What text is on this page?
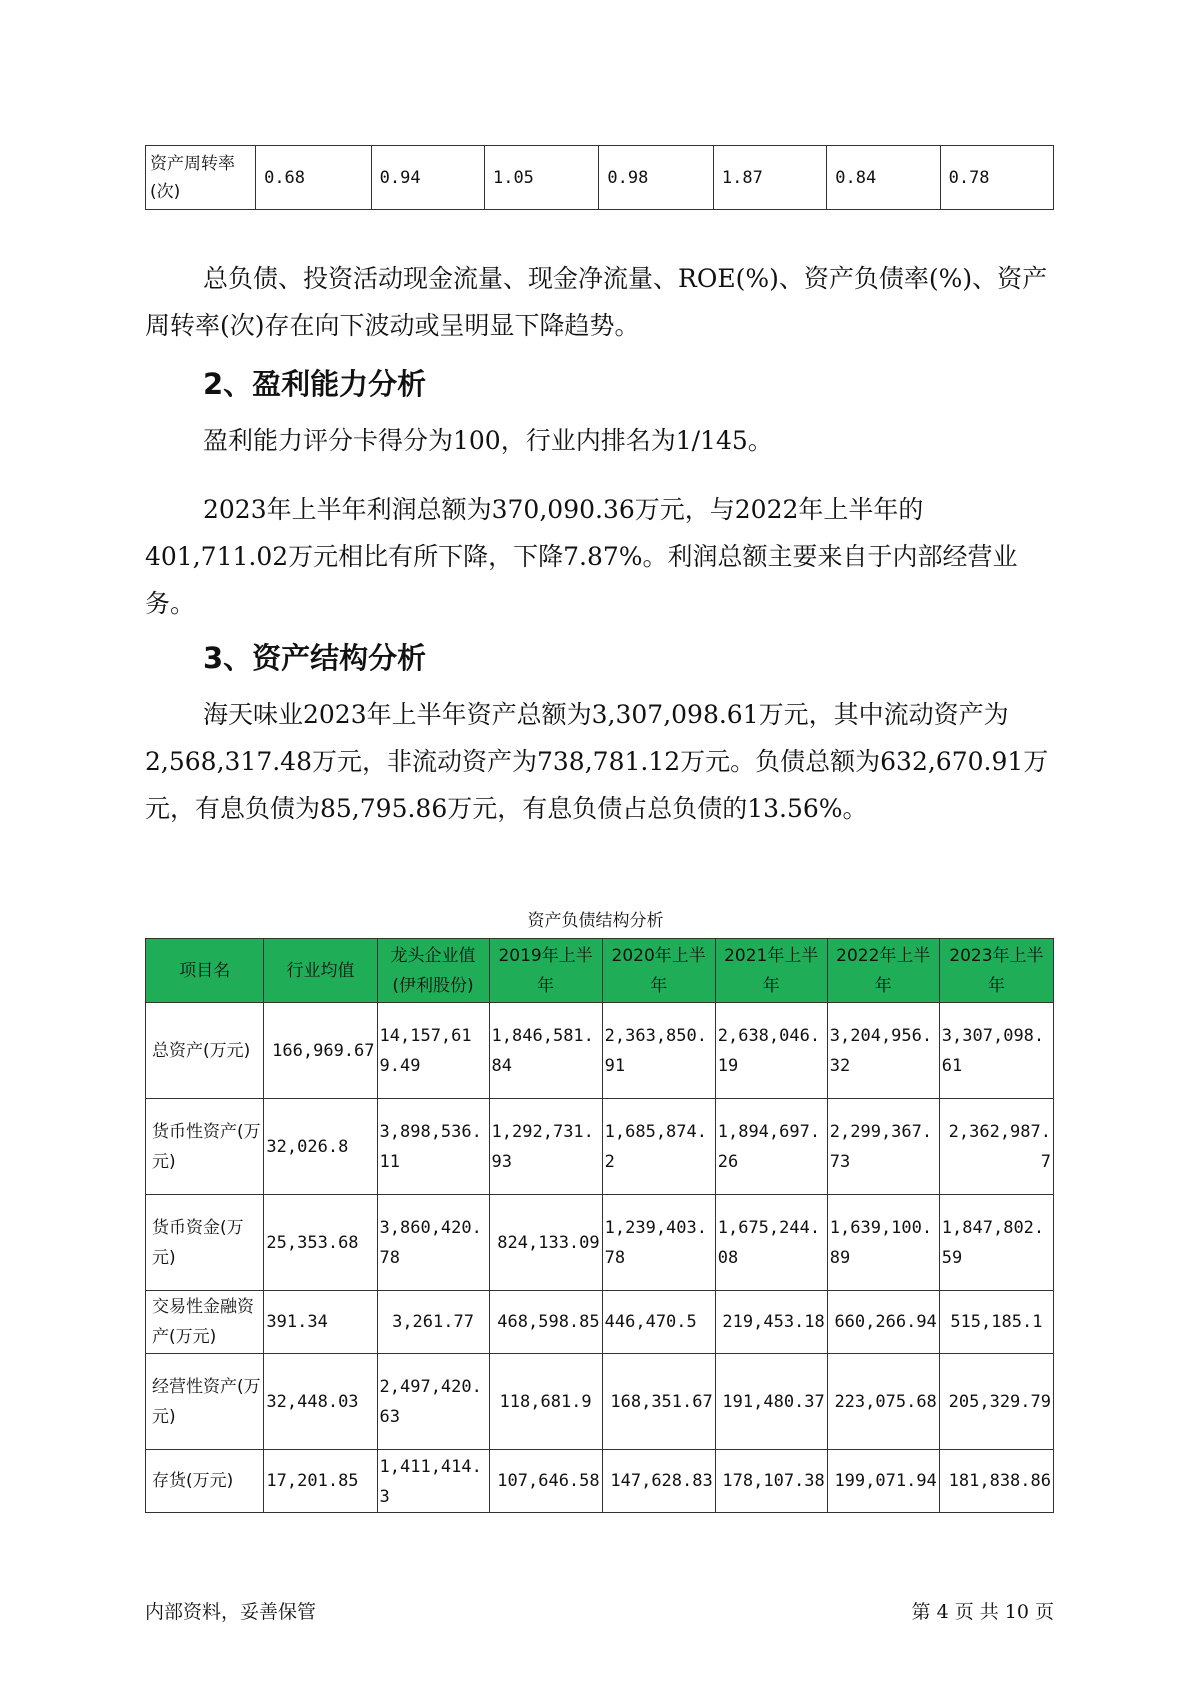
资产周转率(次)	0.68	0.94	1.05	0.98	1.87	0.84	0.78

总负债、投资活动现金流量、现金净流量、ROE(%)、资产负债率(%)、资产周转率(次)存在向下波动或呈明显下降趋势。

2、盈利能力分析

盈利能力评分卡得分为100，行业内排名为1/145。

2023年上半年利润总额为370,090.36万元，与2022年上半年的401,711.02万元相比有所下降，下降7.87%。利润总额主要来自于内部经营业务。

3、资产结构分析

海天味业2023年上半年资产总额为3,307,098.61万元，其中流动资产为2,568,317.48万元，非流动资产为738,781.12万元。负债总额为632,670.91万元，有息负债为85,795.86万元，有息负债占总负债的13.56%。

资产负债结构分析
项目名	行业均值	龙头企业值(伊利股份)	2019年上半年	2020年上半年	2021年上半年	2022年上半年	2023年上半年
总资产(万元)	166,969.67	14,157,619.49	1,846,581.84	2,363,850.91	2,638,046.19	3,204,956.32	3,307,098.61
货币性资产(万元)	32,026.8	3,898,536.11	1,292,731.93	1,685,874.2	1,894,697.26	2,299,367.73	2,362,987.7
货币资金(万元)	25,353.68	3,860,420.78	824,133.09	1,239,403.78	1,675,244.08	1,639,100.89	1,847,802.59
交易性金融资产(万元)	391.34	3,261.77	468,598.85	446,470.5	219,453.18	660,266.94	515,185.1
经营性资产(万元)	32,448.03	2,497,420.63	118,681.9	168,351.67	191,480.37	223,075.68	205,329.79
存货(万元)	17,201.85	1,411,414.3	107,646.58	147,628.83	178,107.38	199,071.94	181,838.86
内部资料，妥善保管	第 4 页 共 10 页
